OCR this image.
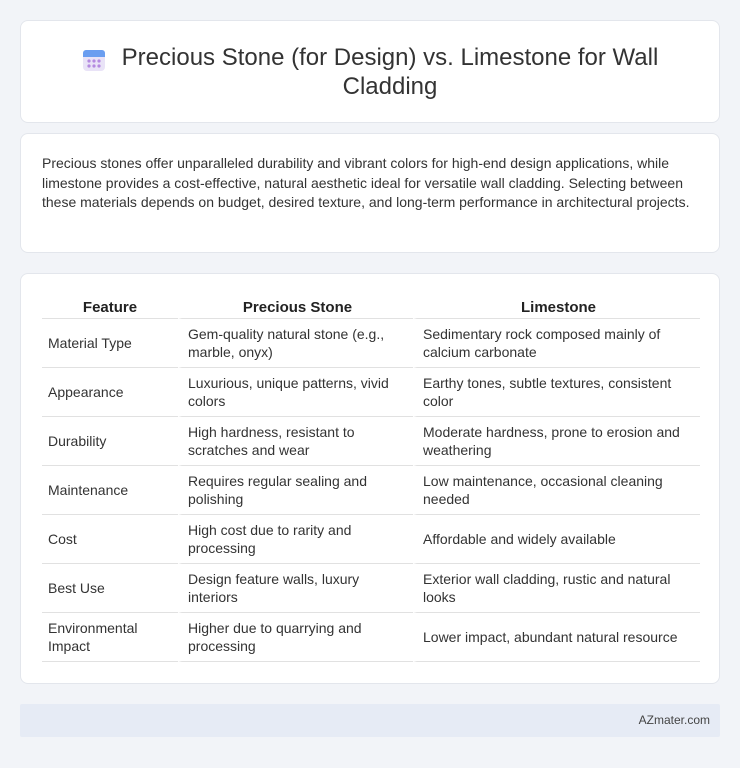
Precious Stone (for Design) vs. Limestone for Wall Cladding

Precious stones offer unparalleled durability and vibrant colors for high-end design applications, while limestone provides a cost-effective, natural aesthetic ideal for versatile wall cladding. Selecting between these materials depends on budget, desired texture, and long-term performance in architectural projects.

Feature	Precious Stone	Limestone
Material Type	Gem-quality natural stone (e.g., marble, onyx)	Sedimentary rock composed mainly of calcium carbonate
Appearance	Luxurious, unique patterns, vivid colors	Earthy tones, subtle textures, consistent color
Durability	High hardness, resistant to scratches and wear	Moderate hardness, prone to erosion and weathering
Maintenance	Requires regular sealing and polishing	Low maintenance, occasional cleaning needed
Cost	High cost due to rarity and processing	Affordable and widely available
Best Use	Design feature walls, luxury interiors	Exterior wall cladding, rustic and natural looks
Environmental Impact	Higher due to quarrying and processing	Lower impact, abundant natural resource
AZmater.com
